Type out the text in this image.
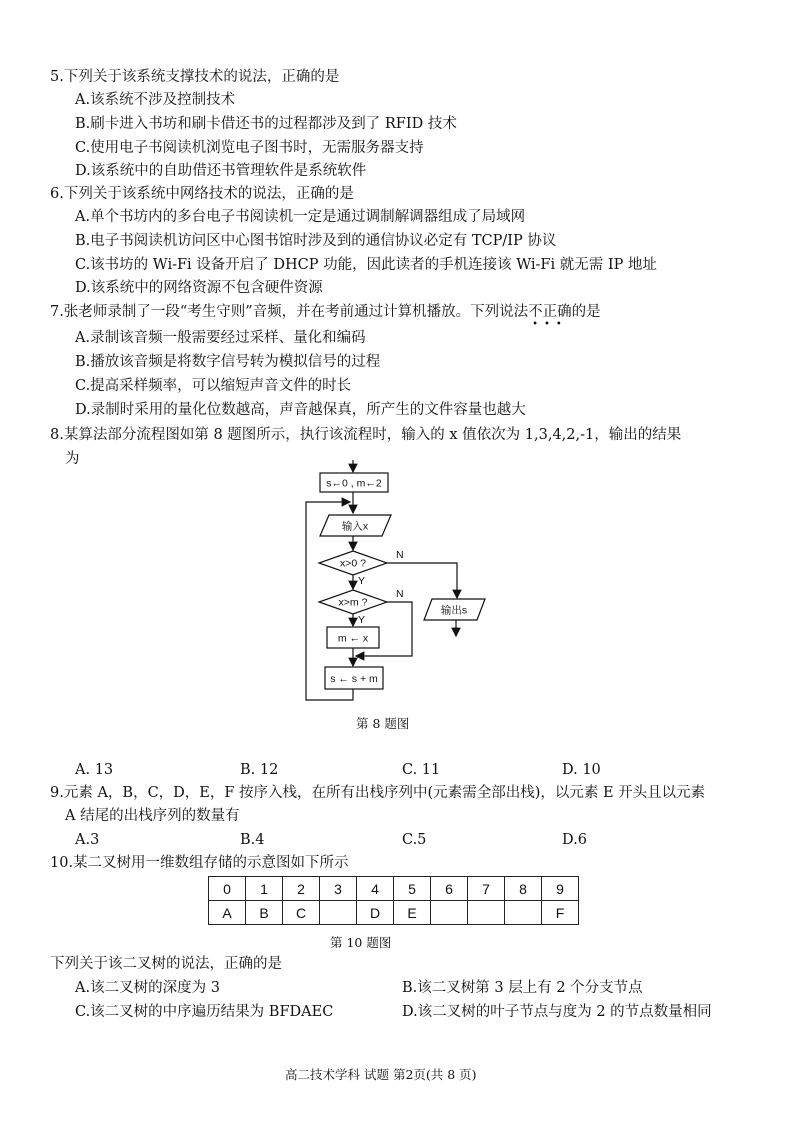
5.下列关于该系统支撑技术的说法，正确的是
A.该系统不涉及控制技术
B.刷卡进入书坊和刷卡借还书的过程都涉及到了 RFID 技术
C.使用电子书阅读机浏览电子图书时，无需服务器支持
D.该系统中的自助借还书管理软件是系统软件
6.下列关于该系统中网络技术的说法，正确的是
A.单个书坊内的多台电子书阅读机一定是通过调制解调器组成了局域网
B.电子书阅读机访问区中心图书馆时涉及到的通信协议必定有 TCP/IP 协议
C.该书坊的 Wi-Fi 设备开启了 DHCP 功能，因此读者的手机连接该 Wi-Fi 就无需 IP 地址
D.该系统中的网络资源不包含硬件资源
7.张老师录制了一段“考生守则”音频，并在考前通过计算机播放。下列说法不正确
•••
的是
A.录制该音频一般需要经过采样、量化和编码
B.播放该音频是将数字信号转为模拟信号的过程
C.提高采样频率，可以缩短声音文件的时长
D.录制时采用的量化位数越高，声音越保真，所产生的文件容量也越大
8.某算法部分流程图如第 8 题图所示，执行该流程时，输入的 x 值依次为 1,3,4,2,-1，输出的结果
为
s←0 , m←2
输入x
x>0 ?
x>m ?
m ← x
s ← s + m
输出s
Y
Y
N
N
第 8 题图
A. 13	B. 12	C. 11	D. 10
9.元素 A，B，C，D，E，F 按序入栈，在所有出栈序列中(元素需全部出栈)，以元素 E 开头且以元素
A 结尾的出栈序列的数量有
A.3	B.4	C.5	D.6
10.某二叉树用一维数组存储的示意图如下所示
0	1	2	3	4	5	6	7	8	9
A	B	C		D	E				F
第 10 题图
下列关于该二叉树的说法，正确的是
A.该二叉树的深度为 3	B.该二叉树第 3 层上有 2 个分支节点
C.该二叉树的中序遍历结果为 BFDAEC	D.该二叉树的叶子节点与度为 2 的节点数量相同
高二技术学科 试题 第2页(共 8 页)
